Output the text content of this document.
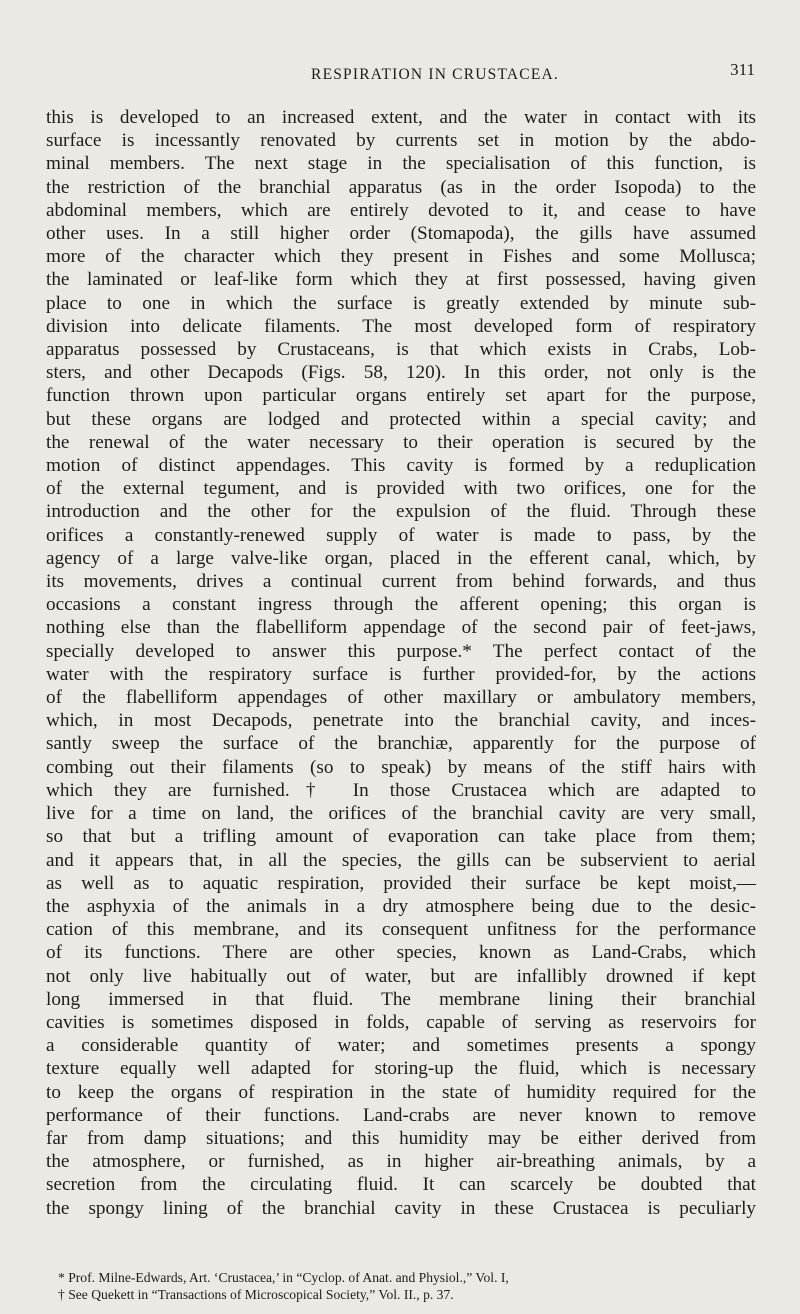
RESPIRATION IN CRUSTACEA.	311
this is developed to an increased extent, and the water in contact with its
surface is incessantly renovated by currents set in motion by the abdo-
minal members. The next stage in the specialisation of this function, is
the restriction of the branchial apparatus (as in the order Isopoda) to the
abdominal members, which are entirely devoted to it, and cease to have
other uses. In a still higher order (Stomapoda), the gills have assumed
more of the character which they present in Fishes and some Mollusca;
the laminated or leaf-like form which they at first possessed, having given
place to one in which the surface is greatly extended by minute sub-
division into delicate filaments. The most developed form of respiratory
apparatus possessed by Crustaceans, is that which exists in Crabs, Lob-
sters, and other Decapods (Figs. 58, 120). In this order, not only is the
function thrown upon particular organs entirely set apart for the purpose,
but these organs are lodged and protected within a special cavity; and
the renewal of the water necessary to their operation is secured by the
motion of distinct appendages. This cavity is formed by a reduplication
of the external tegument, and is provided with two orifices, one for the
introduction and the other for the expulsion of the fluid. Through these
orifices a constantly-renewed supply of water is made to pass, by the
agency of a large valve-like organ, placed in the efferent canal, which, by
its movements, drives a continual current from behind forwards, and thus
occasions a constant ingress through the afferent opening; this organ is
nothing else than the flabelliform appendage of the second pair of feet-jaws,
specially developed to answer this purpose.* The perfect contact of the
water with the respiratory surface is further provided-for, by the actions
of the flabelliform appendages of other maxillary or ambulatory members,
which, in most Decapods, penetrate into the branchial cavity, and inces-
santly sweep the surface of the branchiæ, apparently for the purpose of
combing out their filaments (so to speak) by means of the stiff hairs with
which they are furnished.† In those Crustacea which are adapted to
live for a time on land, the orifices of the branchial cavity are very small,
so that but a trifling amount of evaporation can take place from them;
and it appears that, in all the species, the gills can be subservient to aerial
as well as to aquatic respiration, provided their surface be kept moist,—
the asphyxia of the animals in a dry atmosphere being due to the desic-
cation of this membrane, and its consequent unfitness for the performance
of its functions. There are other species, known as Land-Crabs, which
not only live habitually out of water, but are infallibly drowned if kept
long immersed in that fluid. The membrane lining their branchial
cavities is sometimes disposed in folds, capable of serving as reservoirs for
a considerable quantity of water; and sometimes presents a spongy
texture equally well adapted for storing-up the fluid, which is necessary
to keep the organs of respiration in the state of humidity required for the
performance of their functions. Land-crabs are never known to remove
far from damp situations; and this humidity may be either derived from
the atmosphere, or furnished, as in higher air-breathing animals, by a
secretion from the circulating fluid. It can scarcely be doubted that
the spongy lining of the branchial cavity in these Crustacea is peculiarly
* Prof. Milne-Edwards, Art. ‘Crustacea,’ in “Cyclop. of Anat. and Physiol.,” Vol. I,
† See Quekett in “Transactions of Microscopical Society,” Vol. II., p. 37.
